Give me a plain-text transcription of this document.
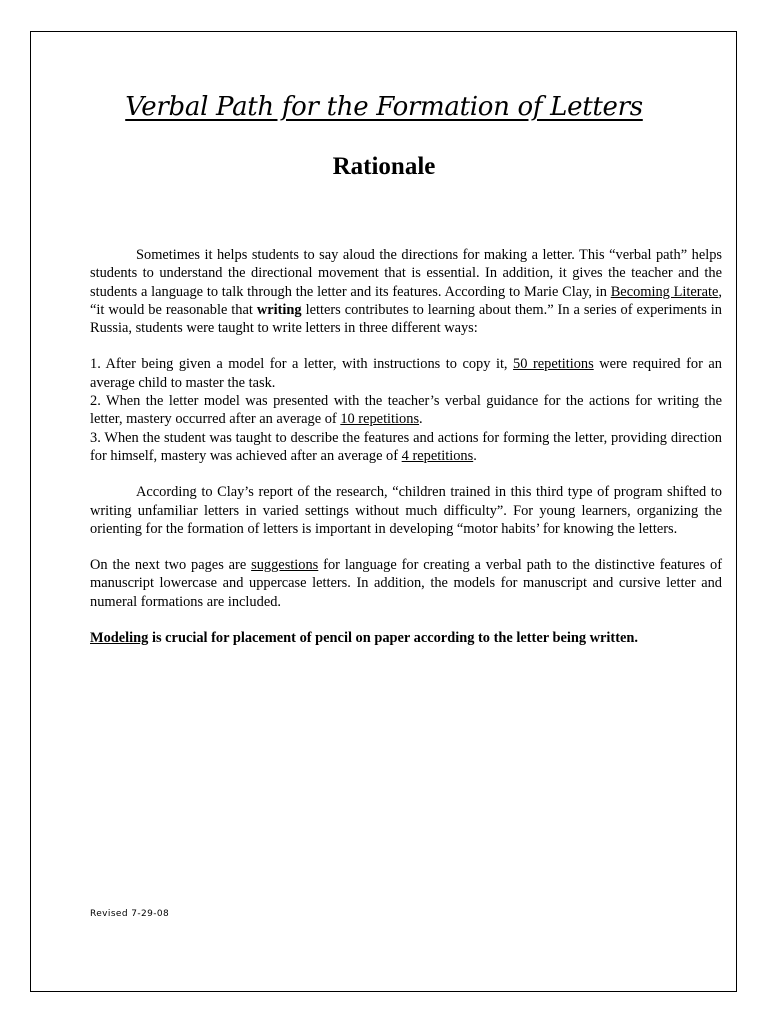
Verbal Path for the Formation of Letters
Rationale

Sometimes it helps students to say aloud the directions for making a letter. This “verbal path” helps students to understand the directional movement that is essential. In addition, it gives the teacher and the students a language to talk through the letter and its features. According to Marie Clay, in Becoming Literate, “it would be reasonable that writing letters contributes to learning about them.” In a series of experiments in Russia, students were taught to write letters in three different ways:

1. After being given a model for a letter, with instructions to copy it, 50 repetitions were required for an average child to master the task.

2. When the letter model was presented with the teacher’s verbal guidance for the actions for writing the letter, mastery occurred after an average of 10 repetitions.

3. When the student was taught to describe the features and actions for forming the letter, providing direction for himself, mastery was achieved after an average of 4 repetitions.

According to Clay’s report of the research, “children trained in this third type of program shifted to writing unfamiliar letters in varied settings without much difficulty”. For young learners, organizing the orienting for the formation of letters is important in developing “motor habits’ for knowing the letters.

On the next two pages are suggestions for language for creating a verbal path to the distinctive features of manuscript lowercase and uppercase letters. In addition, the models for manuscript and cursive letter and numeral formations are included.

Modeling is crucial for placement of pencil on paper according to the letter being written.

Revised 7-29-08
